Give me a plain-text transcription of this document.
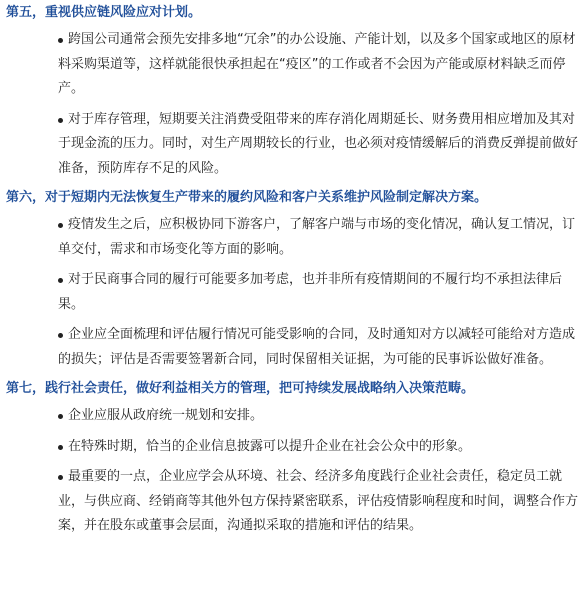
第五，重视供应链风险应对计划。
跨国公司通常会预先安排多地“冗余”的办公设施、产能计划，以及多个国家或地区的原材料采购渠道等，这样就能很快承担起在“疫区”的工作或者不会因为产能或原材料缺乏而停产。
对于库存管理，短期要关注消费受阻带来的库存消化周期延长、财务费用相应增加及其对于现金流的压力。同时，对生产周期较长的行业，也必须对疫情缓解后的消费反弹提前做好准备，预防库存不足的风险。
第六，对于短期内无法恢复生产带来的履约风险和客户关系维护风险制定解决方案。
疫情发生之后，应积极协同下游客户，了解客户端与市场的变化情况，确认复工情况，订单交付，需求和市场变化等方面的影响。
对于民商事合同的履行可能要多加考虑，也并非所有疫情期间的不履行均不承担法律后果。
企业应全面梳理和评估履行情况可能受影响的合同，及时通知对方以减轻可能给对方造成的损失；评估是否需要签署新合同，同时保留相关证据，为可能的民事诉讼做好准备。
第七，践行社会责任，做好利益相关方的管理，把可持续发展战略纳入决策范畴。
企业应服从政府统一规划和安排。
在特殊时期，恰当的企业信息披露可以提升企业在社会公众中的形象。
最重要的一点，企业应学会从环境、社会、经济多角度践行企业社会责任，稳定员工就业，与供应商、经销商等其他外包方保持紧密联系，评估疫情影响程度和时间，调整合作方案，并在股东或董事会层面，沟通拟采取的措施和评估的结果。
